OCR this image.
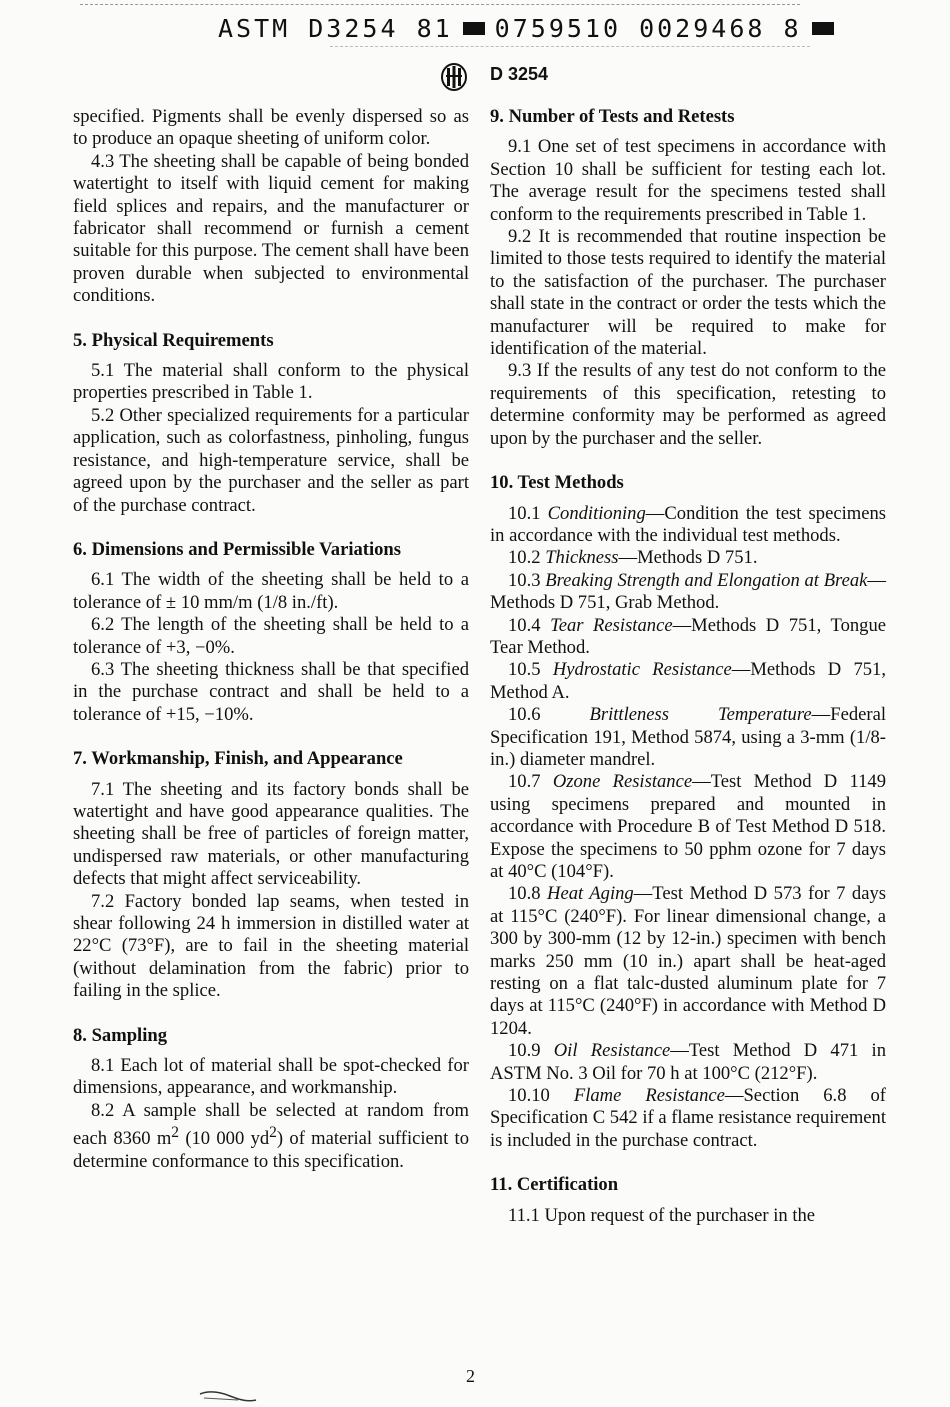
ASTM D3254 81 0759510 0029468 8
D 3254

specified. Pigments shall be evenly dispersed so as to produce an opaque sheeting of uniform color.

4.3 The sheeting shall be capable of being bonded watertight to itself with liquid cement for making field splices and repairs, and the manufacturer or fabricator shall recommend or furnish a cement suitable for this purpose. The cement shall have been proven durable when subjected to environmental conditions.

5. Physical Requirements

5.1 The material shall conform to the physical properties prescribed in Table 1.

5.2 Other specialized requirements for a particular application, such as colorfastness, pinholing, fungus resistance, and high-temperature service, shall be agreed upon by the purchaser and the seller as part of the purchase contract.

6. Dimensions and Permissible Variations

6.1 The width of the sheeting shall be held to a tolerance of ± 10 mm/m (1/8 in./ft).

6.2 The length of the sheeting shall be held to a tolerance of +3, −0%.

6.3 The sheeting thickness shall be that specified in the purchase contract and shall be held to a tolerance of +15, −10%.

7. Workmanship, Finish, and Appearance

7.1 The sheeting and its factory bonds shall be watertight and have good appearance qualities. The sheeting shall be free of particles of foreign matter, undispersed raw materials, or other manufacturing defects that might affect serviceability.

7.2 Factory bonded lap seams, when tested in shear following 24 h immersion in distilled water at 22°C (73°F), are to fail in the sheeting material (without delamination from the fabric) prior to failing in the splice.

8. Sampling

8.1 Each lot of material shall be spot-checked for dimensions, appearance, and workmanship.

8.2 A sample shall be selected at random from each 8360 $m^2$ (10 000 $yd^2$) of material sufficient to determine conformance to this specification.

9. Number of Tests and Retests

9.1 One set of test specimens in accordance with Section 10 shall be sufficient for testing each lot. The average result for the specimens tested shall conform to the requirements prescribed in Table 1.

9.2 It is recommended that routine inspection be limited to those tests required to identify the material to the satisfaction of the purchaser. The purchaser shall state in the contract or order the tests which the manufacturer will be required to make for identification of the material.

9.3 If the results of any test do not conform to the requirements of this specification, retesting to determine conformity may be performed as agreed upon by the purchaser and the seller.

10. Test Methods

10.1 Conditioning—Condition the test specimens in accordance with the individual test methods.

10.2 Thickness—Methods D 751.

10.3 Breaking Strength and Elongation at Break—Methods D 751, Grab Method.

10.4 Tear Resistance—Methods D 751, Tongue Tear Method.

10.5 Hydrostatic Resistance—Methods D 751, Method A.

10.6 Brittleness Temperature—Federal Specification 191, Method 5874, using a 3-mm (1/8-in.) diameter mandrel.

10.7 Ozone Resistance—Test Method D 1149 using specimens prepared and mounted in accordance with Procedure B of Test Method D 518. Expose the specimens to 50 pphm ozone for 7 days at 40°C (104°F).

10.8 Heat Aging—Test Method D 573 for 7 days at 115°C (240°F). For linear dimensional change, a 300 by 300-mm (12 by 12-in.) specimen with bench marks 250 mm (10 in.) apart shall be heat-aged resting on a flat talc-dusted aluminum plate for 7 days at 115°C (240°F) in accordance with Method D 1204.

10.9 Oil Resistance—Test Method D 471 in ASTM No. 3 Oil for 70 h at 100°C (212°F).

10.10 Flame Resistance—Section 6.8 of Specification C 542 if a flame resistance requirement is included in the purchase contract.

11. Certification

11.1 Upon request of the purchaser in the

2
